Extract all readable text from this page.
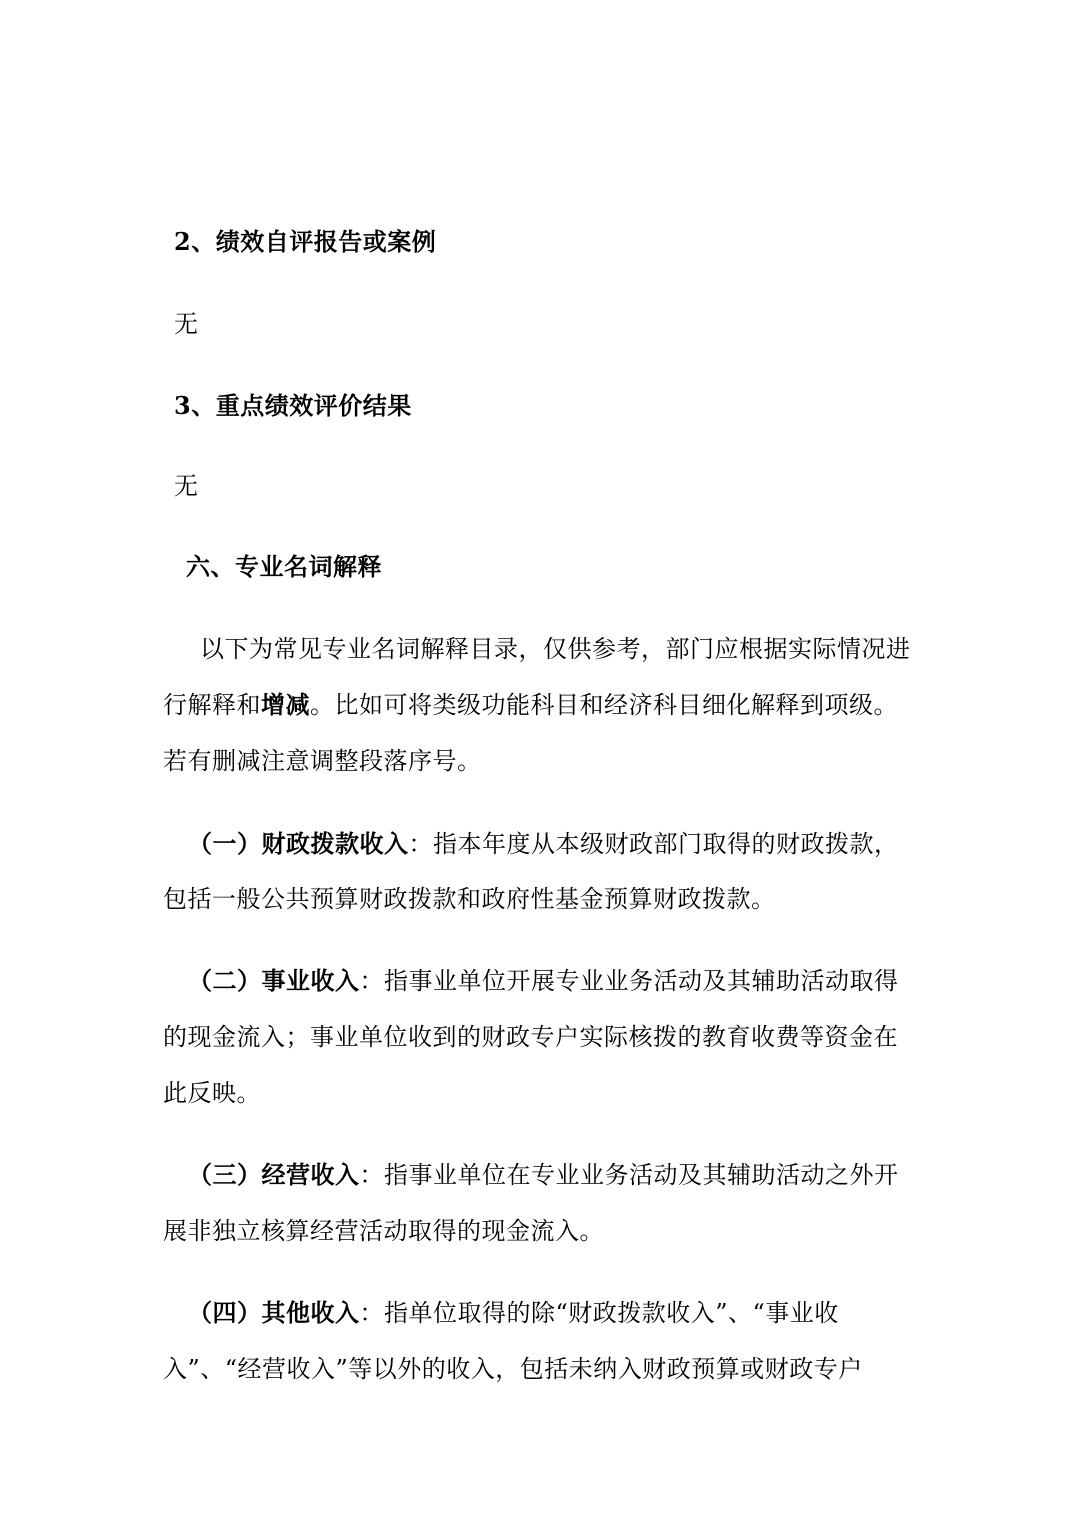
2、绩效自评报告或案例
无
3、重点绩效评价结果
无
六、专业名词解释
以下为常见专业名词解释目录，仅供参考，部门应根据实际情况进
行解释和增减。比如可将类级功能科目和经济科目细化解释到项级。
若有删减注意调整段落序号。
（一）财政拨款收入：指本年度从本级财政部门取得的财政拨款，
包括一般公共预算财政拨款和政府性基金预算财政拨款。
（二）事业收入：指事业单位开展专业业务活动及其辅助活动取得
的现金流入；事业单位收到的财政专户实际核拨的教育收费等资金在
此反映。
（三）经营收入：指事业单位在专业业务活动及其辅助活动之外开
展非独立核算经营活动取得的现金流入。
（四）其他收入：指单位取得的除“财政拨款收入”、“事业收
入”、“经营收入”等以外的收入，包括未纳入财政预算或财政专户
